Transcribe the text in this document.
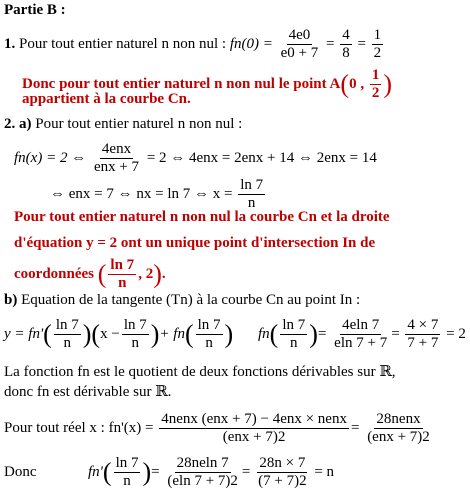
Partie B :
1. Pour tout entier naturel n non nul : $fn(0) = \frac{4e0}{e0 + 7} = \frac{4}{8} = \frac{1}{2}$
Donc pour tout entier naturel n non nul le point A(0 , $\frac{1}{2}$ )
appartient à la courbe Cn.
2. a) Pour tout entier naturel n non nul :
fn(x) = 2 ⇔
4enx
enx + 7
= 2 ⇔ 4enx = 2enx + 14 ⇔ 2enx = 14
⇔ enx = 7 ⇔ nx = ln 7 ⇔ $x = \frac{\ln 7}{n}$
Pour tout entier naturel n non nul la courbe Cn et la droite
d'équation y = 2 ont un unique point d'intersection In de
coordonnées ( $\frac{\ln 7}{n}$ , 2).
b) Equation de la tangente (Tn) à la courbe Cn au point In :
$y = fn'( \frac{\ln 7}{n} )(x - \frac{\ln 7}{n}$ )+ $fn( \frac{\ln 7}{n}$ ) $fn( \frac{\ln 7}{n}$ )= $\frac{4eln 7}{eln 7 + 7} = \frac{4 \times 7}{7 + 7} = 2$
La fonction fn est le quotient de deux fonctions dérivables sur ℝ,
donc fn est dérivable sur ℝ.
Pour tout réel x : fn'(x) =
4nenx (enx + 7) − 4enx × nenx
(enx + 7)2
=
28nenx
(enx + 7)2
Donc	$fn'( \frac{\ln 7}{n}$ )= $\frac{28neln 7}{(eln 7 + 7)2} = \frac{28n \times 7}{(7 + 7)2} = n$
